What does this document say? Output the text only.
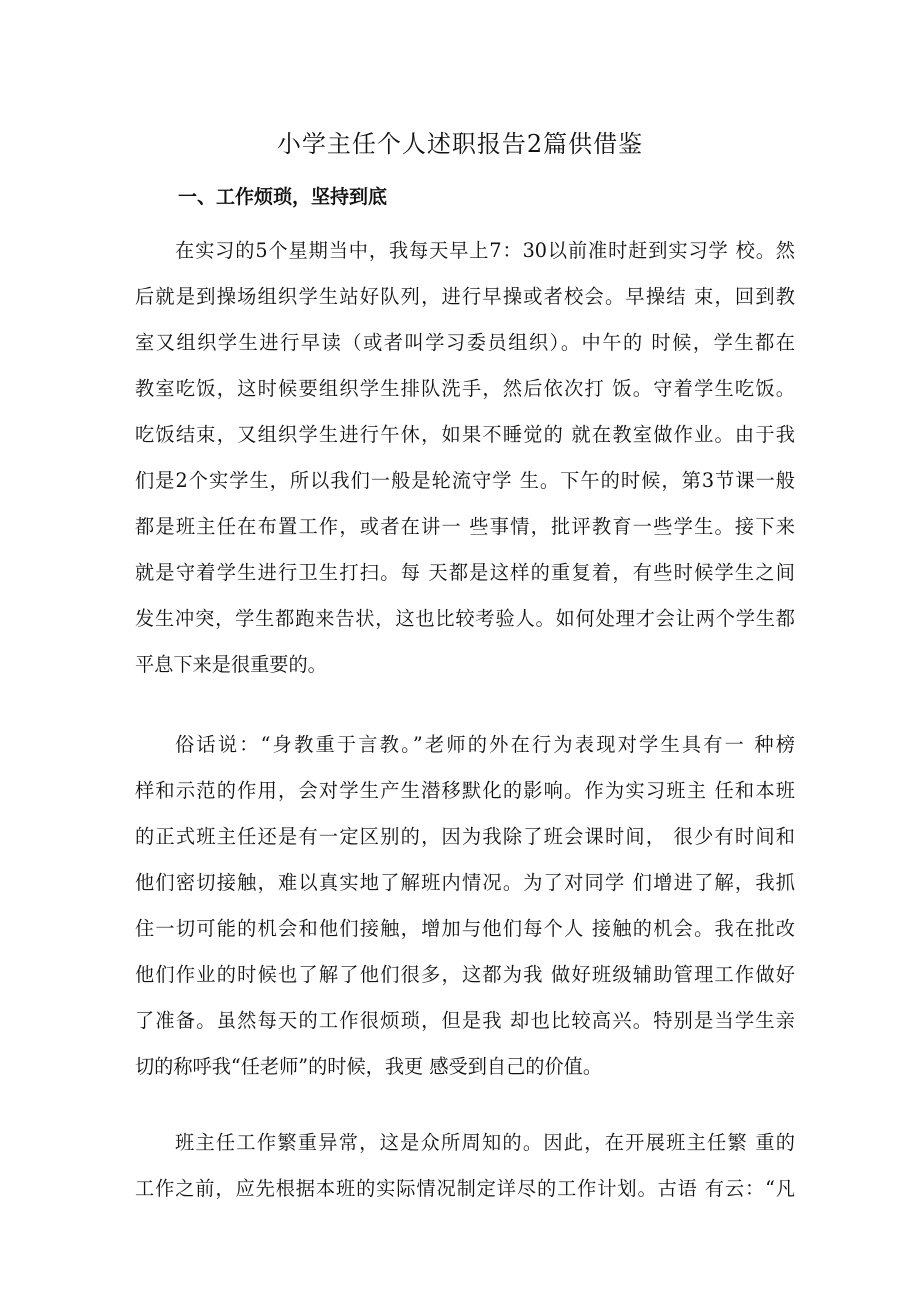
小学主任个人述职报告2篇供借鉴
一、工作烦琐，坚持到底
在实习的5个星期当中，我每天早上7：30以前准时赶到实习学 校。然
后就是到操场组织学生站好队列，进行早操或者校会。早操结 束，回到教
室又组织学生进行早读（或者叫学习委员组织）。中午的 时候，学生都在
教室吃饭，这时候要组织学生排队洗手，然后依次打 饭。守着学生吃饭。
吃饭结束，又组织学生进行午休，如果不睡觉的 就在教室做作业。由于我
们是2个实学生，所以我们一般是轮流守学 生。下午的时候，第3节课一般
都是班主任在布置工作，或者在讲一 些事情，批评教育一些学生。接下来
就是守着学生进行卫生打扫。每 天都是这样的重复着，有些时候学生之间
发生冲突，学生都跑来告状，这也比较考验人。如何处理才会让两个学生都
平息下来是很重要的。
俗话说：“身教重于言教。”老师的外在行为表现对学生具有一 种榜
样和示范的作用，会对学生产生潜移默化的影响。作为实习班主 任和本班
的正式班主任还是有一定区别的，因为我除了班会课时间， 很少有时间和
他们密切接触，难以真实地了解班内情况。为了对同学 们增进了解，我抓
住一切可能的机会和他们接触，增加与他们每个人 接触的机会。我在批改
他们作业的时候也了解了他们很多，这都为我 做好班级辅助管理工作做好
了准备。虽然每天的工作很烦琐，但是我 却也比较高兴。特别是当学生亲
切的称呼我“任老师”的时候，我更 感受到自己的价值。
班主任工作繁重异常，这是众所周知的。因此，在开展班主任繁 重的
工作之前，应先根据本班的实际情况制定详尽的工作计划。古语 有云：“凡
